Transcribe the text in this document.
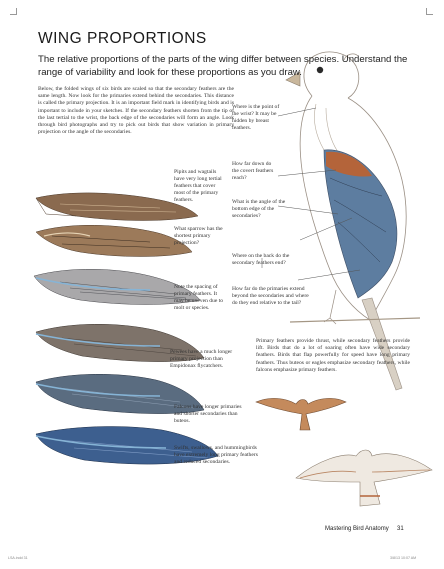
WING PROPORTIONS
The relative proportions of the parts of the wing differ between species. Understand the range of variability and look for these proportions as you draw.
Below, the folded wings of six birds are scaled so that the secondary feathers are the same length. Now look for the primaries extend behind the secondaries. This distance is called the primary projection. It is an important field mark in identifying birds and is important to include in your sketches. If the secondary feathers shorten from the tip of the last tertial to the wrist, the back edge of the secondaries will form an angle. Look through bird photographs and try to pick out birds that show variation in primary projection or the angle of the secondaries.
Where is the point of the wrist? It may be hidden by breast feathers.
How far down do the covert feathers reach?
What is the angle of the bottom edge of the secondaries?
Where on the back do the secondary feathers end?
How far do the primaries extend beyond the secondaries and where do they end relative to the tail?
Pipits and wagtails have very long tertial feathers that cover most of the primary feathers.
What sparrow has the shortest primary projection?
Note the spacing of primary feathers. It may be uneven due to molt or species.
Pewees have a much longer primary projection than Empidonax flycatchers.
Falcons have longer primaries and shorter secondaries than buteos.
Swifts, swallows, and hummingbirds have extremely long primary feathers and reduced secondaries.
Primary feathers provide thrust, while secondary feathers provide lift. Birds that do a lot of soaring often have wide secondary feathers. Birds that flap powerfully for speed have long primary feathers. Thus buteos or eagles emphasize secondary feathers, while falcons emphasize primary feathers.
Mastering Bird Anatomy 31
LSA.indd 31	3/8/13 10:07 AM
